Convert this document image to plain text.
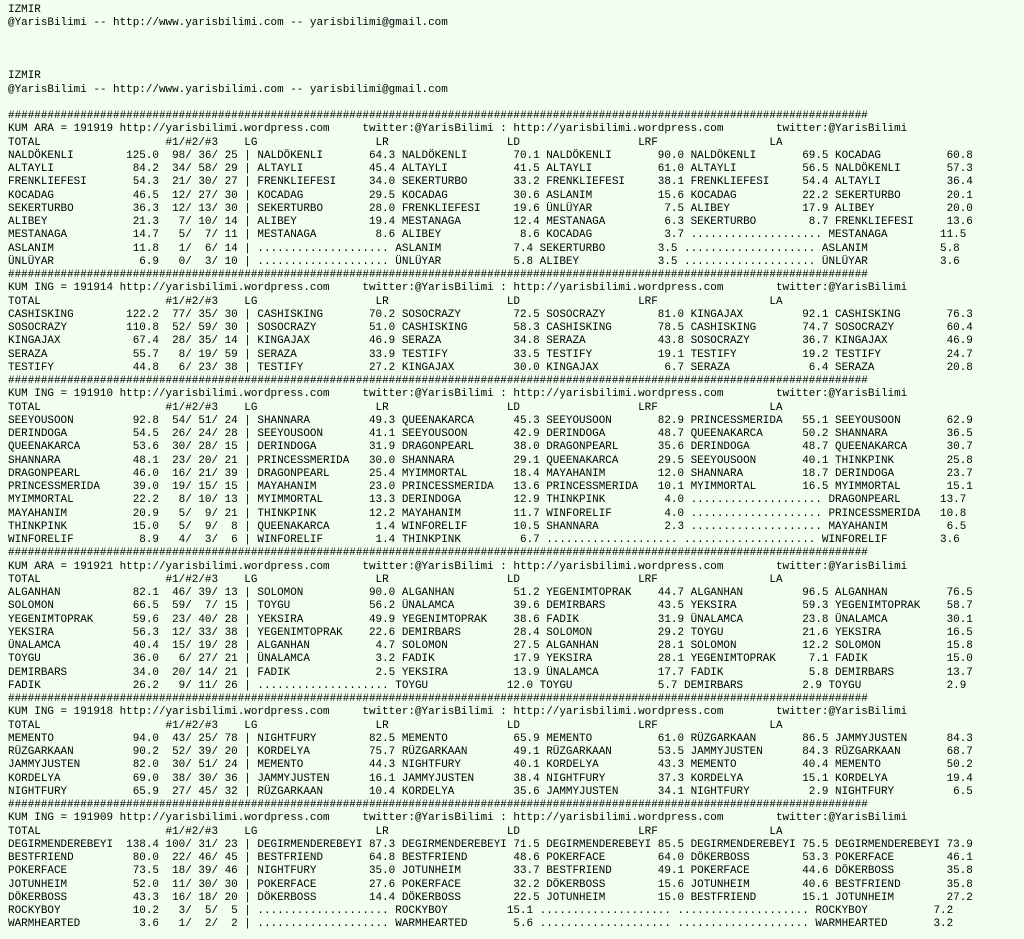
IZMIR
@YarisBilimi -- http://www.yarisbilimi.com -- yarisbilimi@gmail.com
IZMIR
@YarisBilimi -- http://www.yarisbilimi.com -- yarisbilimi@gmail.com
###################################################################################################################################
KUM ARA = 191919 http://yarisbilimi.wordpress.com     twitter:@YarisBilimi : http://yarisbilimi.wordpress.com        twitter:@YarisBilimi
TOTAL                   #1/#2/#3    LG                  LR                  LD                  LRF                 LA
NALDÖKENLI        125.0  98/ 36/ 25 | NALDÖKENLI       64.3 NALDÖKENLI       70.1 NALDÖKENLI       90.0 NALDÖKENLI       69.5 KOCADAG          60.8
ALTAYLI            84.2  34/ 58/ 29 | ALTAYLI          45.4 ALTAYLI          41.5 ALTAYLI          61.0 ALTAYLI          56.5 NALDÖKENLI       57.3
FRENKLIEFESI       54.3  21/ 30/ 27 | FRENKLIEFESI     34.0 SEKERTURBO       33.2 FRENKLIEFESI     38.1 FRENKLIEFESI     54.4 ALTAYLI          36.4
KOCADAG            46.5  12/ 27/ 30 | KOCADAG          29.5 KOCADAG          30.6 ASLANIM          15.6 KOCADAG          22.2 SEKERTURBO       20.1
SEKERTURBO         36.3  12/ 13/ 30 | SEKERTURBO       28.0 FRENKLIEFESI     19.6 ÜNLÜYAR           7.5 ALIBEY           17.9 ALIBEY           20.0
ALIBEY             21.3   7/ 10/ 14 | ALIBEY           19.4 MESTANAGA        12.4 MESTANAGA         6.3 SEKERTURBO        8.7 FRENKLIEFESI     13.6
MESTANAGA          14.7   5/  7/ 11 | MESTANAGA         8.6 ALIBEY            8.6 KOCADAG           3.7 .................... MESTANAGA        11.5
ASLANIM            11.8   1/  6/ 14 | .................... ASLANIM           7.4 SEKERTURBO        3.5 .................... ASLANIM           5.8
ÜNLÜYAR             6.9   0/  3/ 10 | .................... ÜNLÜYAR           5.8 ALIBEY            3.5 .................... ÜNLÜYAR           3.6
###################################################################################################################################
KUM ING = 191914 http://yarisbilimi.wordpress.com     twitter:@YarisBilimi : http://yarisbilimi.wordpress.com        twitter:@YarisBilimi
TOTAL                   #1/#2/#3    LG                  LR                  LD                  LRF                 LA
CASHISKING        122.2  77/ 35/ 30 | CASHISKING       70.2 SOSOCRAZY        72.5 SOSOCRAZY        81.0 KINGAJAX         92.1 CASHISKING       76.3
SOSOCRAZY         110.8  52/ 59/ 30 | SOSOCRAZY        51.0 CASHISKING       58.3 CASHISKING       78.5 CASHISKING       74.7 SOSOCRAZY        60.4
KINGAJAX           67.4  28/ 35/ 14 | KINGAJAX         46.9 SERAZA           34.8 SERAZA           43.8 SOSOCRAZY        36.7 KINGAJAX         46.9
SERAZA             55.7   8/ 19/ 59 | SERAZA           33.9 TESTIFY          33.5 TESTIFY          19.1 TESTIFY          19.2 TESTIFY          24.7
TESTIFY            44.8   6/ 23/ 38 | TESTIFY          27.2 KINGAJAX         30.0 KINGAJAX          6.7 SERAZA            6.4 SERAZA           20.8
###################################################################################################################################
KUM ING = 191910 http://yarisbilimi.wordpress.com     twitter:@YarisBilimi : http://yarisbilimi.wordpress.com        twitter:@YarisBilimi
TOTAL                   #1/#2/#3    LG                  LR                  LD                  LRF                 LA
SEEYOUSOON         92.8  54/ 51/ 24 | SHANNARA         49.3 QUEENAKARCA      45.3 SEEYOUSOON       82.9 PRINCESSMERIDA   55.1 SEEYOUSOON       62.9
DERINDOGA          54.5  26/ 24/ 28 | SEEYOUSOON       41.1 SEEYOUSOON       42.9 DERINDOGA        48.7 QUEENAKARCA      50.2 SHANNARA         36.5
QUEENAKARCA        53.6  30/ 28/ 15 | DERINDOGA        31.9 DRAGONPEARL      38.0 DRAGONPEARL      35.6 DERINDOGA        48.7 QUEENAKARCA      30.7
SHANNARA           48.1  23/ 20/ 21 | PRINCESSMERIDA   30.0 SHANNARA         29.1 QUEENAKARCA      29.5 SEEYOUSOON       40.1 THINKPINK        25.8
DRAGONPEARL        46.0  16/ 21/ 39 | DRAGONPEARL      25.4 MYIMMORTAL       18.4 MAYAHANIM        12.0 SHANNARA         18.7 DERINDOGA        23.7
PRINCESSMERIDA     39.0  19/ 15/ 15 | MAYAHANIM        23.0 PRINCESSMERIDA   13.6 PRINCESSMERIDA   10.1 MYIMMORTAL       16.5 MYIMMORTAL       15.1
MYIMMORTAL         22.2   8/ 10/ 13 | MYIMMORTAL       13.3 DERINDOGA        12.9 THINKPINK         4.0 .................... DRAGONPEARL      13.7
MAYAHANIM          20.9   5/  9/ 21 | THINKPINK        12.2 MAYAHANIM        11.7 WINFORELIF        4.0 .................... PRINCESSMERIDA   10.8
THINKPINK          15.0   5/  9/  8 | QUEENAKARCA       1.4 WINFORELIF       10.5 SHANNARA          2.3 .................... MAYAHANIM         6.5
WINFORELIF          8.9   4/  3/  6 | WINFORELIF        1.4 THINKPINK         6.7 .................... .................... WINFORELIF        3.6
###################################################################################################################################
KUM ARA = 191921 http://yarisbilimi.wordpress.com     twitter:@YarisBilimi : http://yarisbilimi.wordpress.com        twitter:@YarisBilimi
TOTAL                   #1/#2/#3    LG                  LR                  LD                  LRF                 LA
ALGANHAN           82.1  46/ 39/ 13 | SOLOMON          90.0 ALGANHAN         51.2 YEGENIMTOPRAK    44.7 ALGANHAN         96.5 ALGANHAN         76.5
SOLOMON            66.5  59/  7/ 15 | TOYGU            56.2 ÜNALAMCA         39.6 DEMIRBARS        43.5 YEKSIRA          59.3 YEGENIMTOPRAK    58.7
YEGENIMTOPRAK      59.6  23/ 40/ 28 | YEKSIRA          49.9 YEGENIMTOPRAK    38.6 FADIK            31.9 ÜNALAMCA         23.8 ÜNALAMCA         30.1
YEKSIRA            56.3  12/ 33/ 38 | YEGENIMTOPRAK    22.6 DEMIRBARS        28.4 SOLOMON          29.2 TOYGU            21.6 YEKSIRA          16.5
ÜNALAMCA           40.4  15/ 19/ 28 | ALGANHAN          4.7 SOLOMON          27.5 ALGANHAN         28.1 SOLOMON          12.2 SOLOMON          15.8
TOYGU              36.0   6/ 27/ 21 | ÜNALAMCA          3.2 FADIK            17.9 YEKSIRA          28.1 YEGENIMTOPRAK     7.1 FADIK            15.0
DEMIRBARS          34.0  20/ 14/ 21 | FADIK             2.5 YEKSIRA          13.9 ÜNALAMCA         17.7 FADIK             5.8 DEMIRBARS        13.7
FADIK              26.2   9/ 11/ 26 | .................... TOYGU            12.0 TOYGU             5.7 DEMIRBARS         2.9 TOYGU             2.9
###################################################################################################################################
KUM ING = 191918 http://yarisbilimi.wordpress.com     twitter:@YarisBilimi : http://yarisbilimi.wordpress.com        twitter:@YarisBilimi
TOTAL                   #1/#2/#3    LG                  LR                  LD                  LRF                 LA
MEMENTO            94.0  43/ 25/ 78 | NIGHTFURY        82.5 MEMENTO          65.9 MEMENTO          61.0 RÜZGARKAAN       86.5 JAMMYJUSTEN      84.3
RÜZGARKAAN         90.2  52/ 39/ 20 | KORDELYA         75.7 RÜZGARKAAN       49.1 RÜZGARKAAN       53.5 JAMMYJUSTEN      84.3 RÜZGARKAAN       68.7
JAMMYJUSTEN        82.0  30/ 51/ 24 | MEMENTO          44.3 NIGHTFURY        40.1 KORDELYA         43.3 MEMENTO          40.4 MEMENTO          50.2
KORDELYA           69.0  38/ 30/ 36 | JAMMYJUSTEN      16.1 JAMMYJUSTEN      38.4 NIGHTFURY        37.3 KORDELYA         15.1 KORDELYA         19.4
NIGHTFURY          65.9  27/ 45/ 32 | RÜZGARKAAN       10.4 KORDELYA         35.6 JAMMYJUSTEN      34.1 NIGHTFURY         2.9 NIGHTFURY         6.5
###################################################################################################################################
KUM ING = 191909 http://yarisbilimi.wordpress.com     twitter:@YarisBilimi : http://yarisbilimi.wordpress.com        twitter:@YarisBilimi
TOTAL                   #1/#2/#3    LG                  LR                  LD                  LRF                 LA
DEGIRMENDEREBEYI  138.4 100/ 31/ 23 | DEGIRMENDEREBEYI 87.3 DEGIRMENDEREBEYI 71.5 DEGIRMENDEREBEYI 85.5 DEGIRMENDEREBEYI 75.5 DEGIRMENDEREBEYI 73.9
BESTFRIEND         80.0  22/ 46/ 45 | BESTFRIEND       64.8 BESTFRIEND       48.6 POKERFACE        64.0 DÖKERBOSS        53.3 POKERFACE        46.1
POKERFACE          73.5  18/ 39/ 46 | NIGHTFURY        35.0 JOTUNHEIM        33.7 BESTFRIEND       49.1 POKERFACE        44.6 DÖKERBOSS        35.8
JOTUNHEIM          52.0  11/ 30/ 30 | POKERFACE        27.6 POKERFACE        32.2 DÖKERBOSS        15.6 JOTUNHEIM        40.6 BESTFRIEND       35.8
DÖKERBOSS          43.3  16/ 18/ 20 | DÖKERBOSS        14.4 DÖKERBOSS        22.5 JOTUNHEIM        15.0 BESTFRIEND       15.1 JOTUNHEIM        27.2
ROCKYBOY           10.2   3/  5/  5 | .................... ROCKYBOY         15.1 .................... .................... ROCKYBOY          7.2
WARMHEARTED         3.6   1/  2/  2 | .................... WARMHEARTED       5.6 .................... .................... WARMHEARTED       3.2
